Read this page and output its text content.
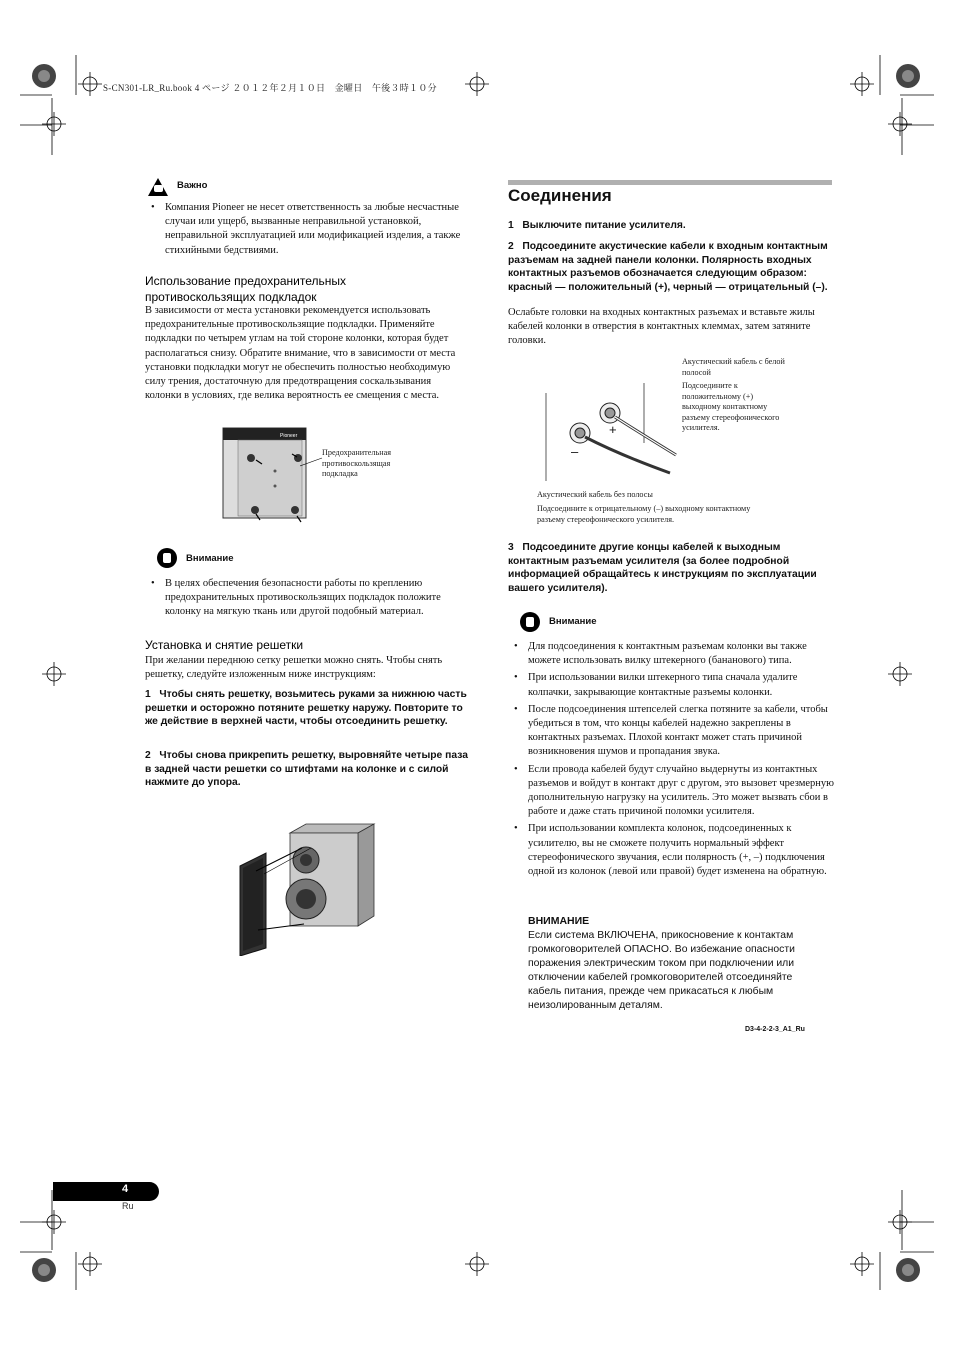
S-CN301-LR_Ru.book 4 ページ ２０１２年２月１０日　金曜日　午後３時１０分
Важно
• Компания Pioneer не несет ответственность за любые несчастные случаи или ущерб, вызванные неправильной установкой, неправильной эксплуатацией или модификацией изделия, а также стихийными бедствиями.
Использование предохранительных
противоскользящих подкладок
В зависимости от места установки рекомендуется использовать предохранительные противоскользящие подкладки. Применяйте подкладки по четырем углам на той стороне колонки, которая будет располагаться снизу. Обратите внимание, что в зависимости от места установки подкладки могут не обеспечить полностью необходимую силу трения, достаточную для предотвращения соскальзывания колонки в условиях, где велика вероятность ее смещения с места.
Pioneer
Предохранительная
противоскользящая
подкладка
Внимание
• В целях обеспечения безопасности работы по креплению предохранительных противоскользящих подкладок положите колонку на мягкую ткань или другой подобный материал.
Установка и снятие решетки
При желании переднюю сетку решетки можно снять. Чтобы снять решетку, следуйте изложенным ниже инструкциям:
1 Чтобы снять решетку, возьмитесь руками за нижнюю часть решетки и осторожно потяните решетку наружу. Повторите то же действие в верхней части, чтобы отсоединить решетку.
2 Чтобы снова прикрепить решетку, выровняйте четыре паза в задней части решетки со штифтами на колонке и с силой нажмите до упора.
Соединения
1 Выключите питание усилителя.
2 Подсоедините акустические кабели к входным контактным разъемам на задней панели колонки. Полярность входных контактных разъемов обозначается следующим образом: красный — положительный (+), черный — отрицательный (–).
Ослабьте головки на входных контактных разъемах и вставьте жилы кабелей колонки в отверстия в контактных клеммах, затем затяните головки.
+
–
Акустический кабель с белой
полосой
Подсоедините к
положительному (+)
выходному контактному
разъему стереофонического
усилителя.
Акустический кабель без полосы
Подсоедините к отрицательному (–) выходному контактному
разъему стереофонического усилителя.
3 Подсоедините другие концы кабелей к выходным контактным разъемам усилителя (за более подробной информацией обращайтесь к инструкциям по эксплуатации вашего усилителя).
Внимание
• Для подсоединения к контактным разъемам колонки вы также можете использовать вилку штекерного (бананового) типа.
• При использовании вилки штекерного типа сначала удалите колпачки, закрывающие контактные разъемы колонки.
• После подсоединения штепселей слегка потяните за кабели, чтобы убедиться в том, что концы кабелей надежно закреплены в контактных разъемах. Плохой контакт может стать причиной возникновения шумов и пропадания звука.
• Если провода кабелей будут случайно выдернуты из контактных разъемов и войдут в контакт друг с другом, это вызовет чрезмерную дополнительную нагрузку на усилитель. Это может вызвать сбои в работе и даже стать причиной поломки усилителя.
• При использовании комплекта колонок, подсоединенных к усилителю, вы не сможете получить нормальный эффект стереофонического звучания, если полярность (+, –) подключения одной из колонок (левой или правой) будет изменена на обратную.
ВНИМАНИЕ
Если система ВКЛЮЧЕНА, прикосновение к контактам громкоговорителей ОПАСНО. Во избежание опасности поражения электрическим током при подключении или отключении кабелей громкоговорителей отсоединяйте кабель питания, прежде чем прикасаться к любым неизолированным деталям.
D3-4-2-2-3_A1_Ru
4
Ru
